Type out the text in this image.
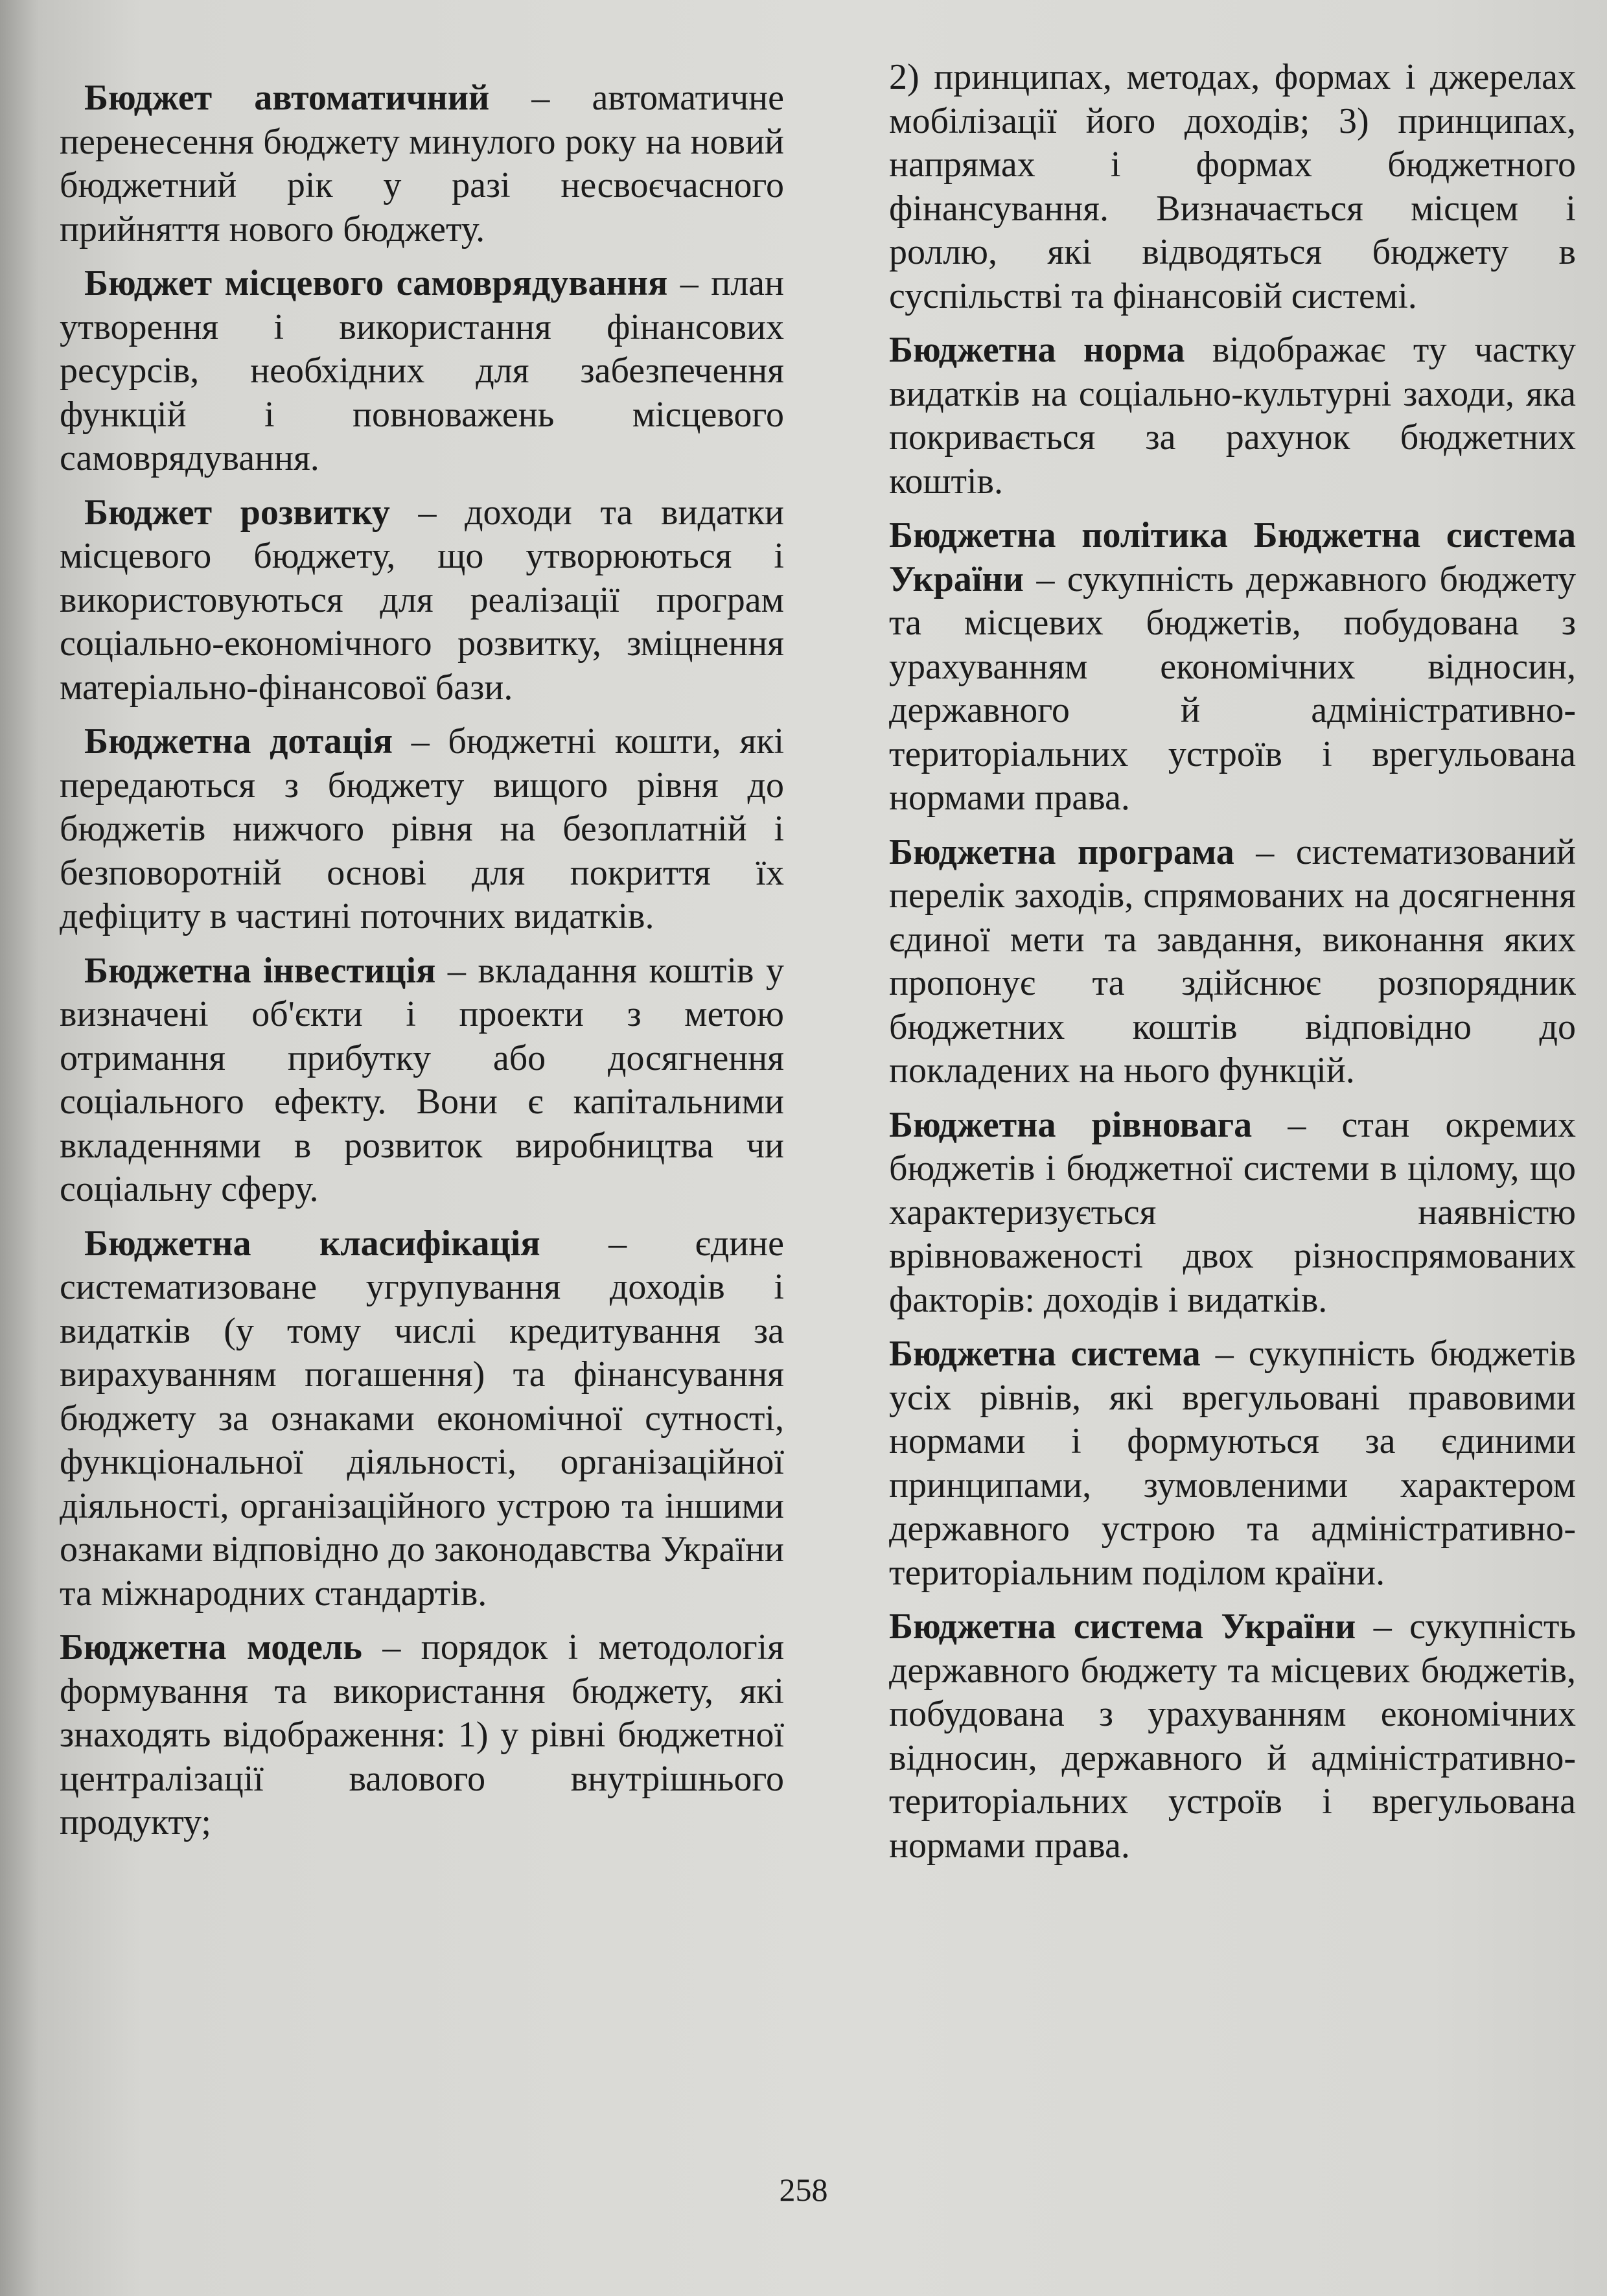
Бюджет автоматичний – автоматичне перенесення бюджету минулого року на новий бюджетний рік у разі несвоєчасного прийняття нового бюджету.

Бюджет місцевого самоврядування – план утворення і використання фінансових ресурсів, необхідних для забезпечення функцій і повноважень місцевого самоврядування.

Бюджет розвитку – доходи та видатки місцевого бюджету, що утворюються і використовуються для реалізації програм соціально-економічного розвитку, зміцнення матеріально-фінансової бази.

Бюджетна дотація – бюджетні кошти, які передаються з бюджету вищого рівня до бюджетів нижчого рівня на безоплатній і безповоротній основі для покриття їх дефіциту в частині поточних видатків.

Бюджетна інвестиція – вкладання коштів у визначені об'єкти і проекти з метою отримання прибутку або досягнення соціального ефекту. Вони є капітальними вкладеннями в розвиток виробництва чи соціальну сферу.

Бюджетна класифікація – єдине систематизоване угрупування доходів і видатків (у тому числі кредитування за вирахуванням погашення) та фінансування бюджету за ознаками економічної сутності, функціональної діяльності, організаційної діяльності, організаційного устрою та іншими ознаками відповідно до законодавства України та міжнародних стандартів.

Бюджетна модель – порядок і методологія формування та використання бюджету, які знаходять відображення: 1) у рівні бюджетної централізації валового внутрішнього продукту;

2) принципах, методах, формах і джерелах мобілізації його доходів; 3) принципах, напрямах і формах бюджетного фінансування. Визначається місцем і роллю, які відводяться бюджету в суспільстві та фінансовій системі.

Бюджетна норма відображає ту частку видатків на соціально-культурні заходи, яка покривається за рахунок бюджетних коштів.

Бюджетна політика Бюджетна система України – сукупність державного бюджету та місцевих бюджетів, побудована з урахуванням економічних відносин, державного й адміністративно-територіальних устроїв і врегульована нормами права.

Бюджетна програма – систематизований перелік заходів, спрямованих на досягнення єдиної мети та завдання, виконання яких пропонує та здійснює розпорядник бюджетних коштів відповідно до покладених на нього функцій.

Бюджетна рівновага – стан окремих бюджетів і бюджетної системи в цілому, що характеризується наявністю врівноваженості двох різноспрямованих факторів: доходів і видатків.

Бюджетна система – сукупність бюджетів усіх рівнів, які врегульовані правовими нормами і формуються за єдиними принципами, зумовленими характером державного устрою та адміністративно-територіальним поділом країни.

Бюджетна система України – сукупність державного бюджету та місцевих бюджетів, побудована з урахуванням економічних відносин, державного й адміністративно-територіальних устроїв і врегульована нормами права.

258
